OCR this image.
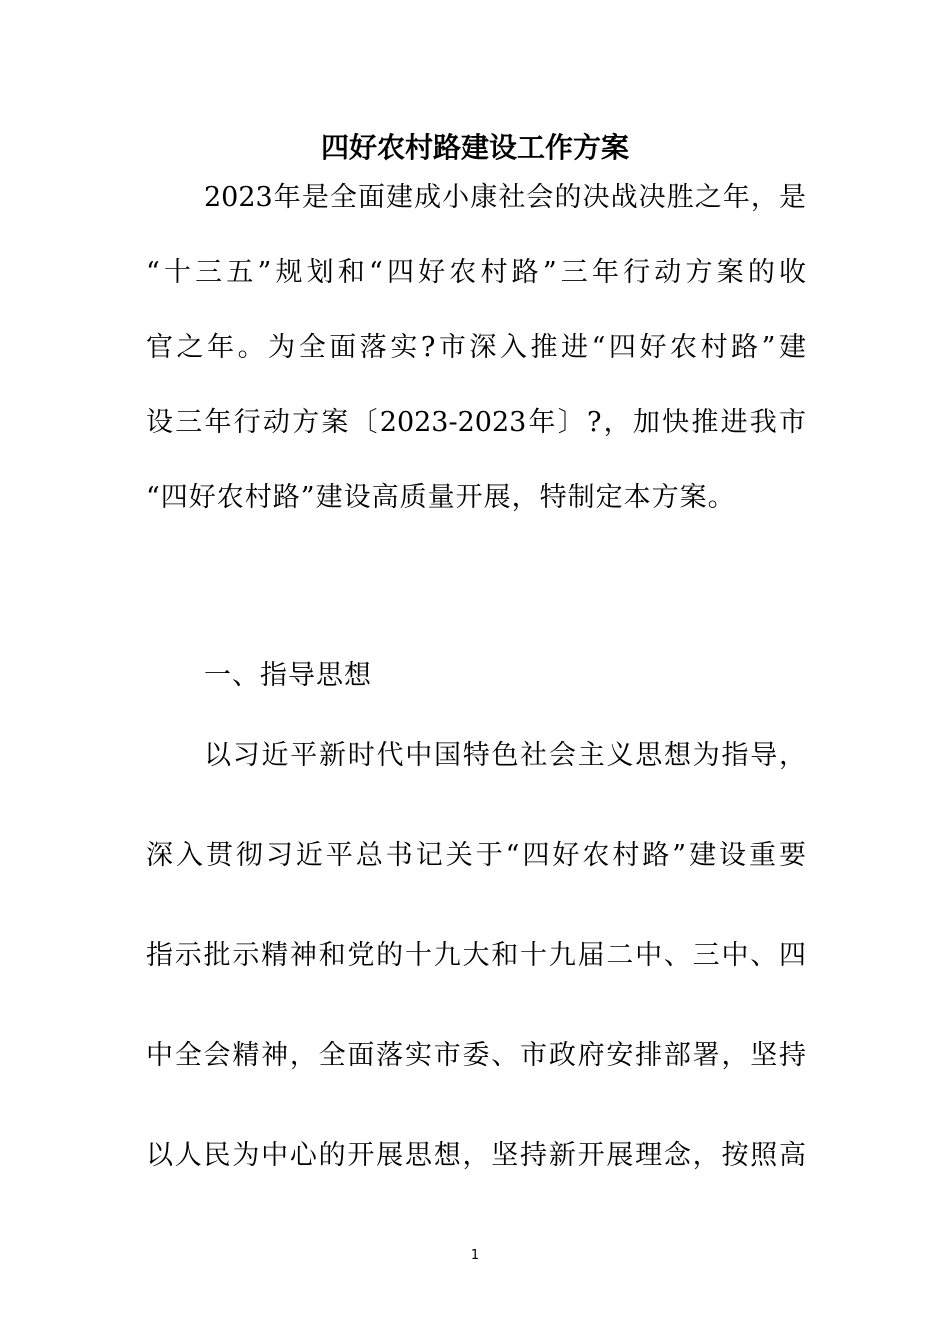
四好农村路建设工作方案

2023年是全面建成小康社会的决战决胜之年，是

“十三五”规划和“四好农村路”三年行动方案的收

官之年。为全面落实?市深入推进“四好农村路”建

设三年行动方案〔2023-2023年〕?，加快推进我市

“四好农村路”建设高质量开展，特制定本方案。

一、指导思想

以习近平新时代中国特色社会主义思想为指导，

深入贯彻习近平总书记关于“四好农村路”建设重要

指示批示精神和党的十九大和十九届二中、三中、四

中全会精神，全面落实市委、市政府安排部署，坚持

以人民为中心的开展思想，坚持新开展理念，按照高

1
